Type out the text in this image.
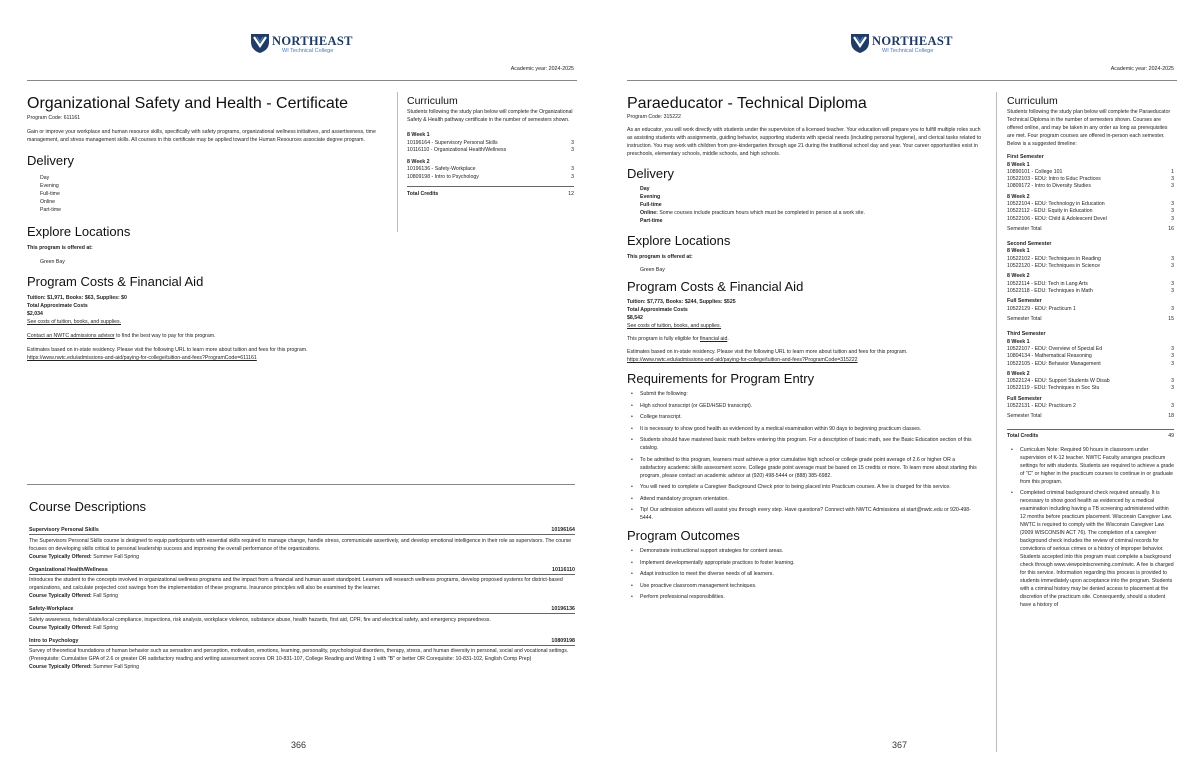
NORTHEAST
WI Technical College
Academic year: 2024-2025
Organizational Safety and Health - Certificate
Program Code: 611161
Gain or improve your workplace and human resource skills, specifically with safety programs, organizational wellness initiatives, and assertiveness, time management, and stress management skills. All courses in this certificate may be applied toward the Human Resources associate degree program.
Delivery
Day
Evening
Full-time
Online
Part-time
Explore Locations
This program is offered at:
Green Bay
Program Costs & Financial Aid
Tuition: $1,971, Books: $63, Supplies: $0
Total Approximate Costs
$2,034
See costs of tuition, books, and supplies.
Contact an NWTC admissions advisor to find the best way to pay for this program.
Estimates based on in-state residency. Please visit the following URL to learn more about tuition and fees for this program.
https://www.nwtc.edu/admissions-and-aid/paying-for-college/tuition-and-fees?ProgramCode=611161
Curriculum
Students following the study plan below will complete the Organizational Safety & Health pathway certificate in the number of semesters shown.
8 Week 1
10196164 - Supervisory Personal Skills	3
10116110 - Organizational Health/Wellness	3
8 Week 2
10196136 - Safety-Workplace	3
10809198 - Intro to Psychology	3
Total Credits	12
Course Descriptions
Supervisory Personal Skills	10196164
The Supervisors Personal Skills course is designed to equip participants with essential skills required to manage change, handle stress, communicate assertively, and develop emotional intelligence in their role as supervisors. The course focuses on developing skills critical to personal leadership success and improving the overall performance of the organizations.
Course Typically Offered: Summer Fall Spring
Organizational Health/Wellness	10116110
Introduces the student to the concepts involved in organizational wellness programs and the impact from a financial and human asset standpoint. Learners will research wellness programs, develop proposed systems for district-based organizations, and calculate projected cost savings from the implementation of these programs. Insurance principles will also be examined by the learner.
Course Typically Offered: Fall Spring
Safety-Workplace	10196136
Safety awareness, federal/state/local compliance, inspections, risk analysis, workplace violence, substance abuse, health hazards, first aid, CPR, fire and electrical safety, and emergency preparedness.
Course Typically Offered: Fall Spring
Intro to Psychology	10809198
Survey of theoretical foundations of human behavior such as sensation and perception, motivation, emotions, learning, personality, psychological disorders, therapy, stress, and human diversity in personal, social and vocational settings. (Prerequisite: Cumulative GPA of 2.6 or greater OR satisfactory reading and writing assessment scores OR 10-831-107, College Reading and Writing 1 with "B" or better OR Corequisite: 10-831-102, English Comp Prep)
Course Typically Offered: Summer Fall Spring
366
NORTHEAST
WI Technical College
Academic year: 2024-2025
Paraeducator - Technical Diploma
Program Code: 315222
As an educator, you will work directly with students under the supervision of a licensed teacher. Your education will prepare you to fulfill multiple roles such as assisting students with assignments, guiding behavior, supporting students with special needs (including personal hygiene), and clerical tasks related to instruction. You may work with children from pre-kindergarten through age 21 during the traditional school day and year. Your career opportunities exist in preschools, elementary schools, middle schools, and high schools.
Delivery
Day
Evening
Full-time
Online: Some courses include practicum hours which must be completed in person at a work site.
Part-time
Explore Locations
This program is offered at:
Green Bay
Program Costs & Financial Aid
Tuition: $7,773, Books: $244, Supplies: $525
Total Approximate Costs
$8,542
See costs of tuition, books, and supplies.
This program is fully eligible for financial aid.
Estimates based on in-state residency. Please visit the following URL to learn more about tuition and fees for this program.
https://www.nwtc.edu/admissions-and-aid/paying-for-college/tuition-and-fees?ProgramCode=315222
Requirements for Program Entry
• Submit the following:
• High school transcript (or GED/HSED transcript).
• College transcript.
• It is necessary to show good health as evidenced by a medical examination within 90 days to beginning practicum classes.
• Students should have mastered basic math before entering this program. For a description of basic math, see the Basic Education section of this catalog.
• To be admitted to this program, learners must achieve a prior cumulative high school or college grade point average of 2.6 or higher OR a satisfactory academic skills assessment score. College grade point average must be based on 15 credits or more. To learn more about starting this program, please contact an academic advisor at (920) 498-5444 or (888) 385-6982.
• You will need to complete a Caregiver Background Check prior to being placed into Practicum courses. A fee is charged for this service.
• Attend mandatory program orientation.
• Tip! Our admission advisors will assist you through every step. Have questions? Connect with NWTC Admissions at start@nwtc.edu or 920-498-5444.
Program Outcomes
• Demonstrate instructional support strategies for content areas.
• Implement developmentally appropriate practices to foster learning.
• Adapt instruction to meet the diverse needs of all learners.
• Use proactive classroom management techniques.
• Perform professional responsibilities.
Curriculum
Students following the study plan below will complete the Paraeducator Technical Diploma in the number of semesters shown. Courses are offered online, and may be taken in any order as long as prerequisites are met. Four program courses are offered in-person each semester. Below is a suggested timeline:
First Semester
8 Week 1
10890101 - College 101	1
10522103 - EDU: Intro to Educ Practices	3
10809172 - Intro to Diversity Studies	3
8 Week 2
10522104 - EDU: Technology in Education	3
10522112 - EDU: Equity in Education	3
10522106 - EDU: Child & Adolescent Devel	3
Semester Total	16
Second Semester
8 Week 1
10522102 - EDU: Techniques in Reading	3
10522120 - EDU: Techniques in Science	3
8 Week 2
10522114 - EDU: Tech in Lang Arts	3
10522118 - EDU: Techniques in Math	3
Full Semester
10522129 - EDU: Practicum 1	3
Semester Total	15
Third Semester
8 Week 1
10522107 - EDU: Overview of Special Ed	3
10804134 - Mathematical Reasoning	3
10522105 - EDU: Behavior Management	3
8 Week 2
10522124 - EDU: Support Students W Disab	3
10522119 - EDU: Techniques in Soc Stu	3
Full Semester
10522131 - EDU: Practicum 2	3
Semester Total	18
Total Credits	49
• Curriculum Note: Required 90 hours in classroom under supervision of K-12 teacher. NWTC Faculty arranges practicum settings for with students. Students are required to achieve a grade of "C" or higher in the practicum courses to continue in or graduate from this program.
• Completed criminal background check required annually. It is necessary to show good health as evidenced by a medical examination including having a TB screening administered within 12 months before practicum placement. Wisconsin Caregiver Law. NWTC is required to comply with the Wisconsin Caregiver Law (2009 WISCONSIN ACT 76). The completion of a caregiver background check includes the review of criminal records for convictions of serious crimes or a history of improper behavior. Students accepted into this program must complete a background check through www.viewpointscreening.com/nwtc. A fee is charged for this service. Information regarding this process is provided to students immediately upon acceptance into the program. Students with a criminal history may be denied access to placement at the discretion of the practicum site. Consequently, should a student have a history of
367
